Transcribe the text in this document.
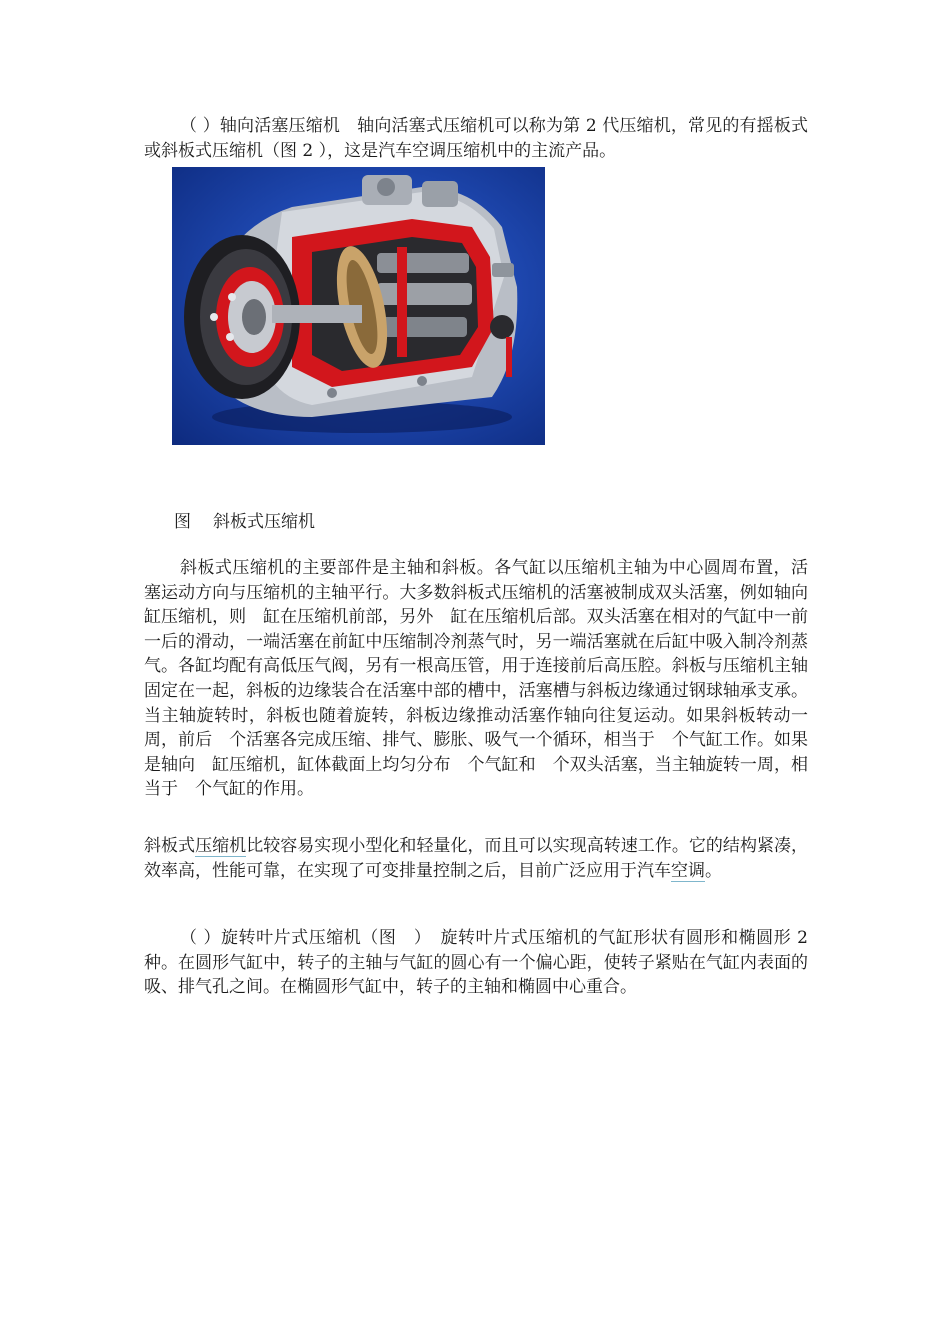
（ ）轴向活塞压缩机　轴向活塞式压缩机可以称为第 2 代压缩机，常见的有摇板式或斜板式压缩机（图 2 ），这是汽车空调压缩机中的主流产品。

图 斜板式压缩机

斜板式压缩机的主要部件是主轴和斜板。各气缸以压缩机主轴为中心圆周布置，活塞运动方向与压缩机的主轴平行。大多数斜板式压缩机的活塞被制成双头活塞，例如轴向　缸压缩机，则　缸在压缩机前部，另外　缸在压缩机后部。双头活塞在相对的气缸中一前一后的滑动，一端活塞在前缸中压缩制冷剂蒸气时，另一端活塞就在后缸中吸入制冷剂蒸气。各缸均配有高低压气阀，另有一根高压管，用于连接前后高压腔。斜板与压缩机主轴固定在一起，斜板的边缘装合在活塞中部的槽中，活塞槽与斜板边缘通过钢球轴承支承。当主轴旋转时，斜板也随着旋转，斜板边缘推动活塞作轴向往复运动。如果斜板转动一周，前后　个活塞各完成压缩、排气、膨胀、吸气一个循环，相当于　个气缸工作。如果是轴向　缸压缩机，缸体截面上均匀分布　个气缸和　个双头活塞，当主轴旋转一周，相当于　个气缸的作用。

斜板式压缩机比较容易实现小型化和轻量化，而且可以实现高转速工作。它的结构紧凑，效率高，性能可靠，在实现了可变排量控制之后，目前广泛应用于汽车空调。

（ ）旋转叶片式压缩机（图　）　旋转叶片式压缩机的气缸形状有圆形和椭圆形 2 种。在圆形气缸中，转子的主轴与气缸的圆心有一个偏心距，使转子紧贴在气缸内表面的吸、排气孔之间。在椭圆形气缸中，转子的主轴和椭圆中心重合。
